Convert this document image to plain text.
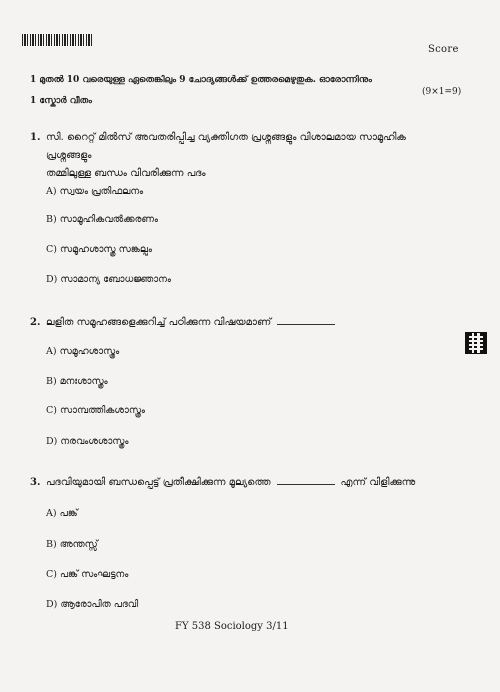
Score
1 മുതൽ 10 വരെയുള്ള ഏതെങ്കിലും 9 ചോദ്യങ്ങൾക്ക് ഉത്തരമെഴുതുക. ഓരോന്നിനും
(9×1=9)
1 സ്കോർ വീതം
1. സി. റൈറ്റ് മിൽസ് അവതരിപ്പിച്ച വ്യക്തിഗത പ്രശ്നങ്ങളും വിശാലമായ സാമൂഹിക പ്രശ്നങ്ങളും
തമ്മിലുള്ള ബന്ധം വിവരിക്കുന്ന പദം
A) സ്വയം പ്രതിഫലനം
B) സാമൂഹികവൽക്കരണം
C) സമൂഹശാസ്ത്ര സങ്കല്പം
D) സാമാന്യ ബോധജ്ഞാനം
2. ലളിത സമൂഹങ്ങളെക്കുറിച്ച് പഠിക്കുന്ന വിഷയമാണ്
A) സമൂഹശാസ്ത്രം
B) മനഃശാസ്ത്രം
C) സാമ്പത്തികശാസ്ത്രം
D) നരവംശശാസ്ത്രം
3. പദവിയുമായി ബന്ധപ്പെട്ട് പ്രതീക്ഷിക്കുന്ന മൂല്യത്തെ	എന്ന് വിളിക്കുന്നു
A) പങ്ക്
B) അന്തസ്സ്
C) പങ്ക് സംഘട്ടനം
D) ആരോപിത പദവി
FY 538 Sociology 3/11
